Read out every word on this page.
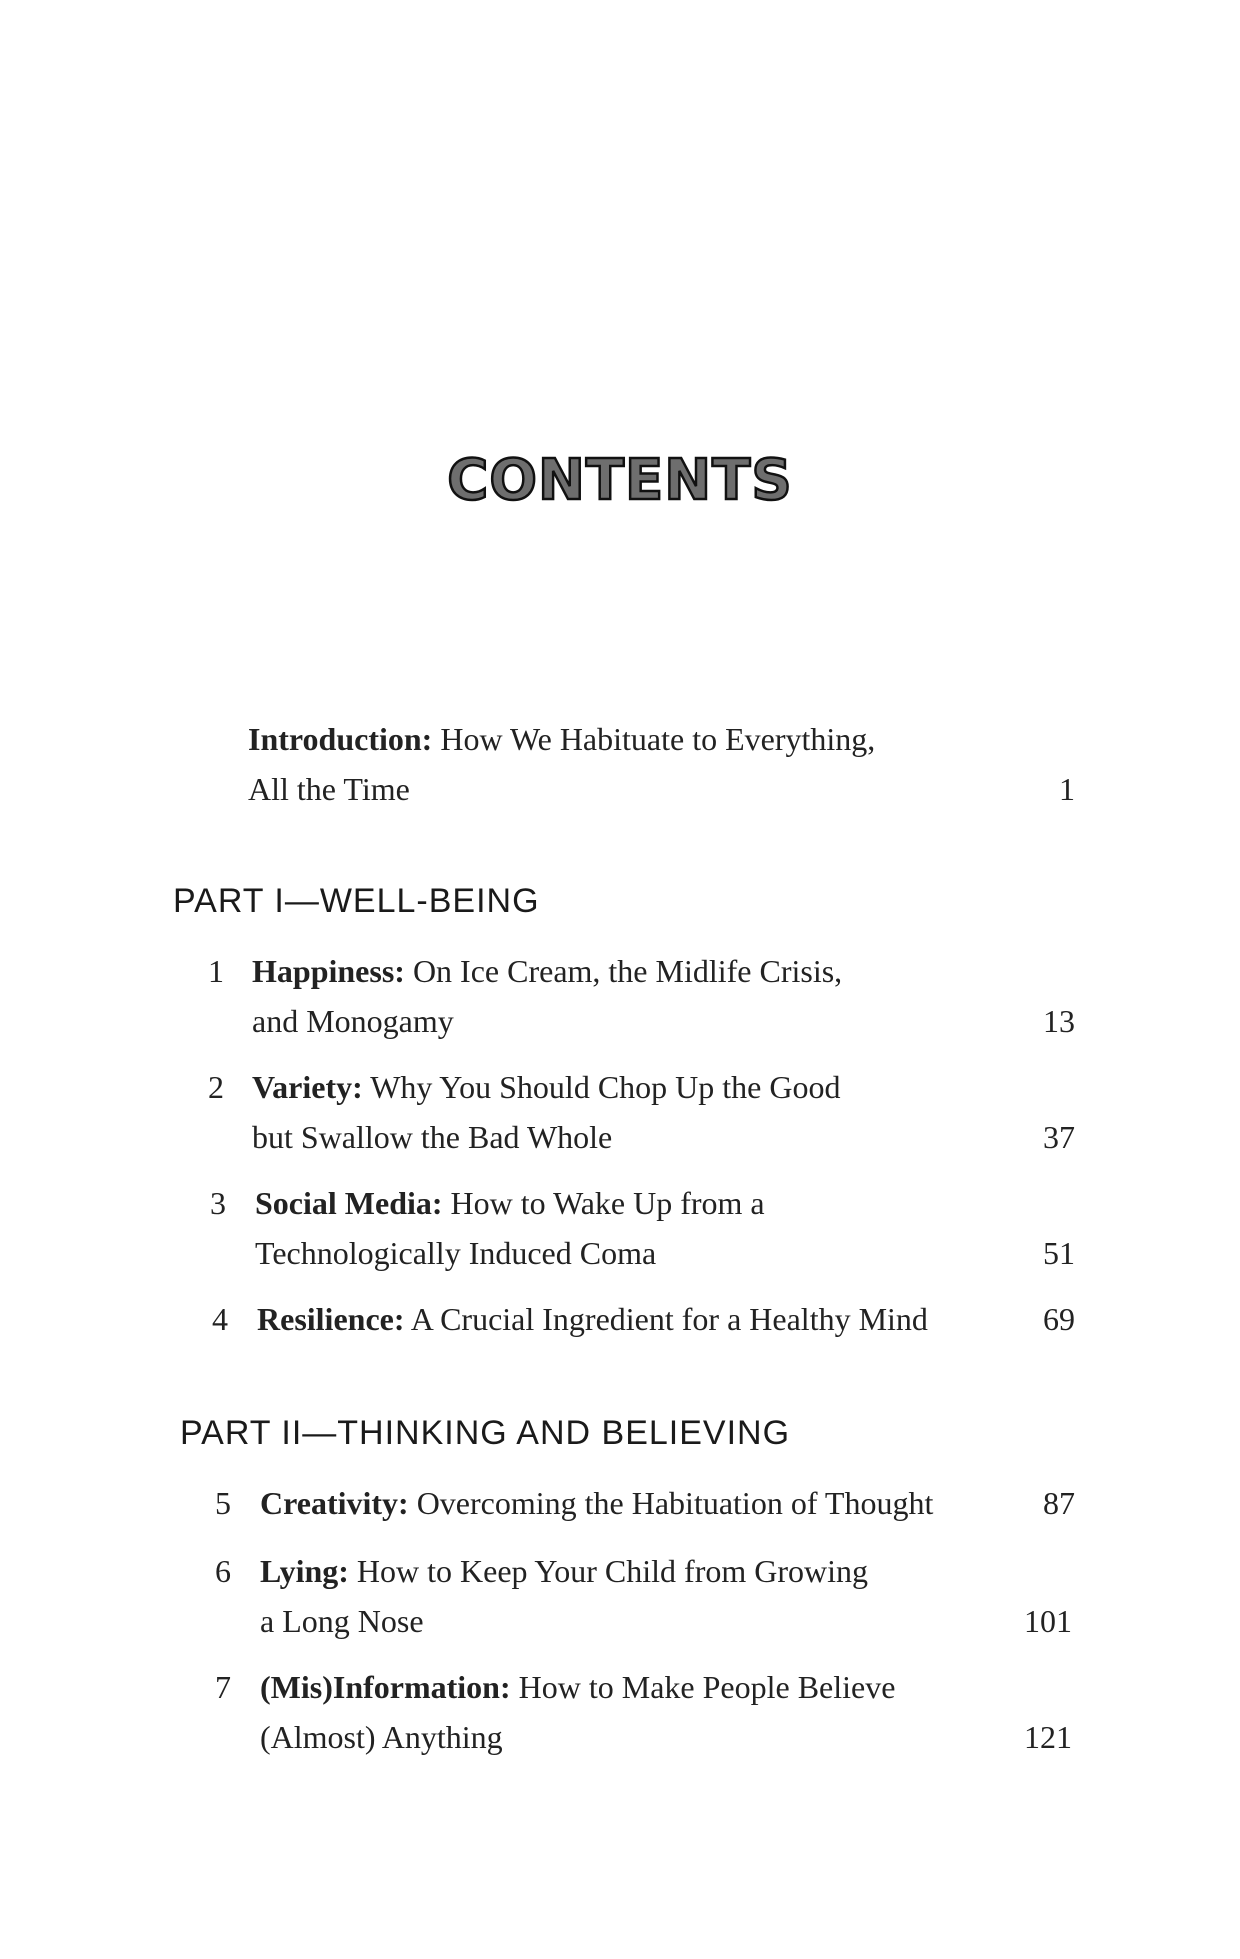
CONTENTS
Introduction: How We Habituate to Everything,
All the Time	1
PART I—WELL-BEING
1 Happiness: On Ice Cream, the Midlife Crisis,
and Monogamy	13
2 Variety: Why You Should Chop Up the Good
but Swallow the Bad Whole	37
3 Social Media: How to Wake Up from a
Technologically Induced Coma	51
4 Resilience: A Crucial Ingredient for a Healthy Mind	69
PART II—THINKING AND BELIEVING
5 Creativity: Overcoming the Habituation of Thought	87
6 Lying: How to Keep Your Child from Growing
a Long Nose	101
7 (Mis)Information: How to Make People Believe
(Almost) Anything	121
